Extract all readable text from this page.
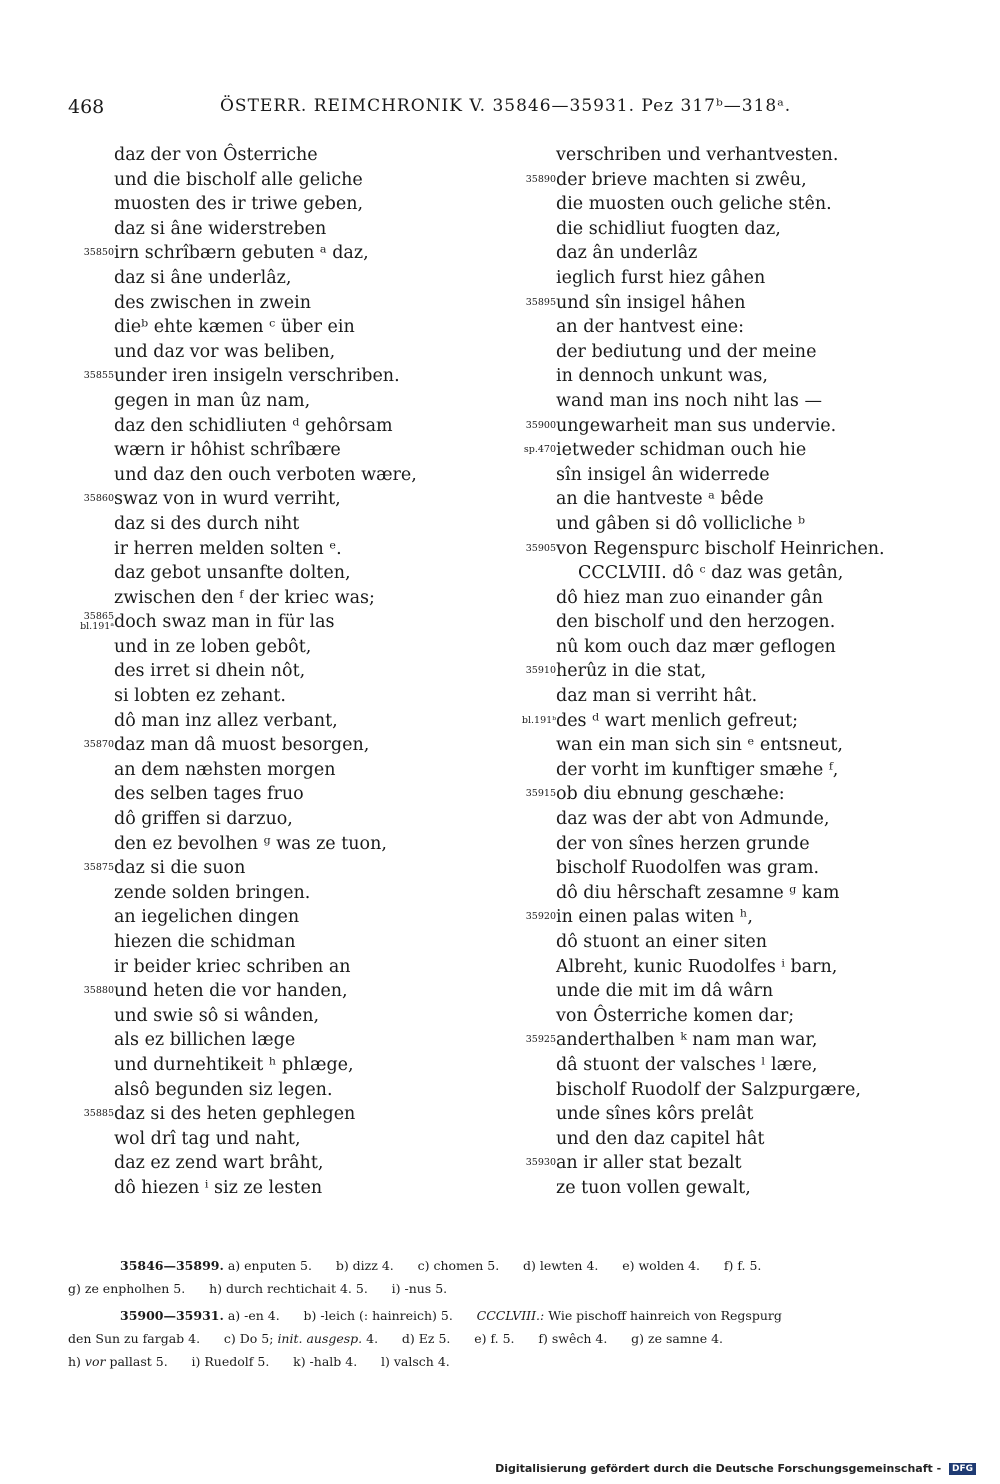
468	ÖSTERR. REIMCHRONIK V. 35846—35931. Pez 317ᵇ—318ᵃ.
daz der von Ôsterriche
und die bischolf alle geliche
muosten des ir triwe geben,
daz si âne widerstreben
35850 irn schrîbærn gebuten ᵃ daz,
daz si âne underlâz,
des zwischen in zwein
dieᵇ ehte kæmen ᶜ über ein
und daz vor was beliben,
35855 under iren insigeln verschriben.
gegen in man ûz nam,
daz den schidliuten ᵈ gehôrsam
wærn ir hôhist schrîbære
und daz den ouch verboten wære,
35860 swaz von in wurd verriht,
daz si des durch niht
ir herren melden solten ᵉ.
daz gebot unsanfte dolten,
zwischen den ᶠ der kriec was;
35865
bl.191ᵃ doch swaz man in für las
und in ze loben gebôt,
des irret si dhein nôt,
si lobten ez zehant.
dô man inz allez verbant,
35870 daz man dâ muost besorgen,
an dem næhsten morgen
des selben tages fruo
dô griffen si darzuo,
den ez bevolhen ᵍ was ze tuon,
35875 daz si die suon
zende solden bringen.
an iegelichen dingen
hiezen die schidman
ir beider kriec schriben an
35880 und heten die vor handen,
und swie sô si wânden,
als ez billichen læge
und durnehtikeit ʰ phlæge,
alsô begunden siz legen.
35885 daz si des heten gephlegen
wol drî tag und naht,
daz ez zend wart brâht,
dô hiezen ⁱ siz ze lesten
verschriben und verhantvesten.
35890 der brieve machten si zwêu,
die muosten ouch geliche stên.
die schidliut fuogten daz,
daz ân underlâz
ieglich furst hiez gâhen
35895 und sîn insigel hâhen
an der hantvest eine:
der bediutung und der meine
in dennoch unkunt was,
wand man ins noch niht las —
35900 ungewarheit man sus undervie.
sp.470 ietweder schidman ouch hie
sîn insigel ân widerrede
an die hantveste ᵃ bêde
und gâben si dô vollicliche ᵇ
35905 von Regenspurc bischolf Heinrichen.
CCCLVIII. dô ᶜ daz was getân,
dô hiez man zuo einander gân
den bischolf und den herzogen.
nû kom ouch daz mær geflogen
35910 herûz in die stat,
daz man si verriht hât.
bl.191ᵇ des ᵈ wart menlich gefreut;
wan ein man sich sin ᵉ entsneut,
der vorht im kunftiger smæhe ᶠ,
35915 ob diu ebnung geschæhe:
daz was der abt von Admunde,
der von sînes herzen grunde
bischolf Ruodolfen was gram.
dô diu hêrschaft zesamne ᵍ kam
35920 in einen palas witen ʰ,
dô stuont an einer siten
Albreht, kunic Ruodolfes ⁱ barn,
unde die mit im dâ wârn
von Ôsterriche komen dar;
35925 anderthalben ᵏ nam man war,
dâ stuont der valsches ˡ lære,
bischolf Ruodolf der Salzpurgære,
unde sînes kôrs prelât
und den daz capitel hât
35930 an ir aller stat bezalt
ze tuon vollen gewalt,
35846—35899. a) enputen 5.      b) dizz 4.      c) chomen 5.      d) lewten 4.      e) wolden 4.      f) f. 5.
g) ze enpholhen 5.      h) durch rechtichait 4. 5.      i) -nus 5.
35900—35931. a) -en 4.      b) -leich (: hainreich) 5.      CCCLVIII.: Wie pischoff hainreich von Regspurg
den Sun zu fargab 4.      c) Do 5; init. ausgesp. 4.      d) Ez 5.      e) f. 5.      f) swêch 4.      g) ze samne 4.
h) vor pallast 5.      i) Ruedolf 5.      k) -halb 4.      l) valsch 4.
Digitalisierung gefördert durch die Deutsche Forschungsgemeinschaft - DFG
